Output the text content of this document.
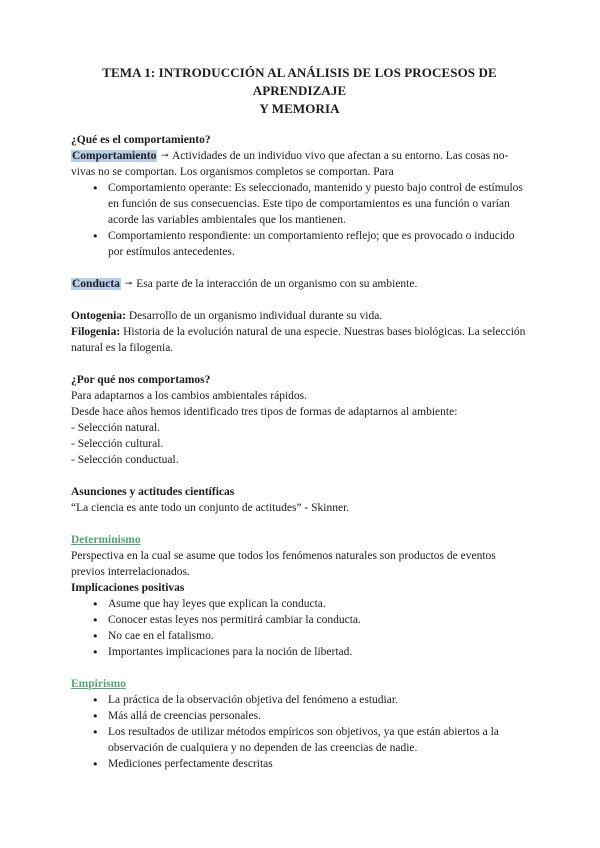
TEMA 1: INTRODUCCIÓN AL ANÁLISIS DE LOS PROCESOS DE APRENDIZAJE
Y MEMORIA

¿Qué es el comportamiento?

Comportamiento ↠ Actividades de un individuo vivo que afectan a su entorno. Las cosas no-vivas no se comportan. Los organismos completos se comportan. Para

● Comportamiento operante: Es seleccionado, mantenido y puesto bajo control de estímulos en función de sus consecuencias. Este tipo de comportamientos es una función o varían acorde las variables ambientales que los mantienen.
● Comportamiento respondiente: un comportamiento reflejo; que es provocado o inducido por estímulos antecedentes.

Conducta ↠ Esa parte de la interacción de un organismo con su ambiente.

Ontogenia: Desarrollo de un organismo individual durante su vida.

Filogenia: Historia de la evolución natural de una especie. Nuestras bases biológicas. La selección natural es la filogenia.

¿Por qué nos comportamos?

Para adaptarnos a los cambios ambientales rápidos.

Desde hace años hemos identificado tres tipos de formas de adaptarnos al ambiente:

- Selección natural.

- Selección cultural.

- Selección conductual.

Asunciones y actitudes científicas

“La ciencia es ante todo un conjunto de actitudes” - Skinner.

Determinismo

Perspectiva en la cual se asume que todos los fenómenos naturales son productos de eventos previos interrelacionados.

Implicaciones positivas

● Asume que hay leyes que explican la conducta.
● Conocer estas leyes nos permitirá cambiar la conducta.
● No cae en el fatalismo.
● Importantes implicaciones para la noción de libertad.

Empirismo

● La práctica de la observación objetiva del fenómeno a estudiar.
● Más allá de creencias personales.
● Los resultados de utilizar métodos empíricos son objetivos, ya que están abiertos a la observación de cualquiera y no dependen de las creencias de nadie.
● Mediciones perfectamente descritas
